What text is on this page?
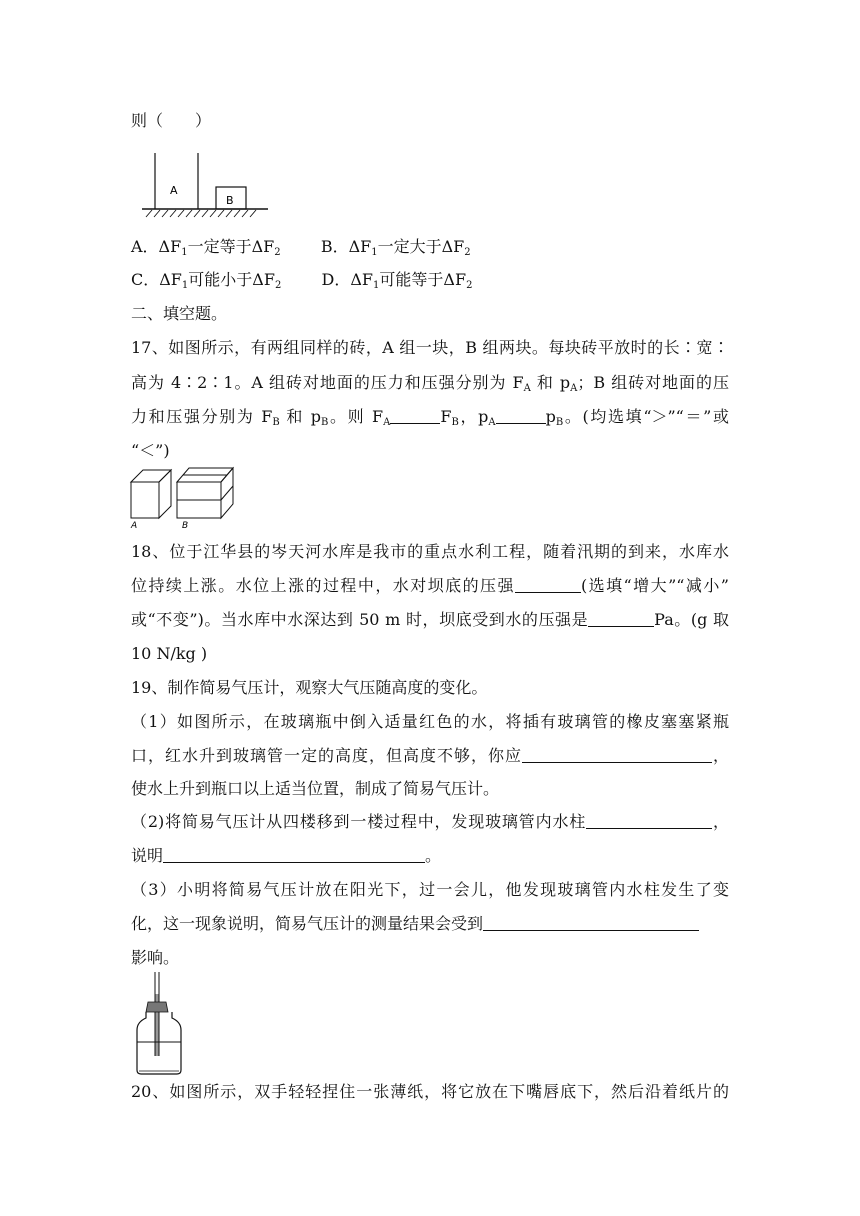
则（　　）
A
B
A．$\Delta F_1$一定等于$\Delta F_2$	B．$\Delta F_1$一定大于$\Delta F_2$
C．$\Delta F_1$可能小于$\Delta F_2$	D．$\Delta F_1$可能等于$\Delta F_2$
二、填空题。
17、如图所示，有两组同样的砖，A 组一块，B 组两块。每块砖平放时的长∶宽∶
高为 4∶2∶1。A 组砖对地面的压力和压强分别为 $F_A$ 和 $p_A$；B 组砖对地面的压
力和压强分别为 $F_B$ 和 $p_B$。则 $F_A$	$F_B$，$p_A$	$p_B$。(均选填“＞”“＝”或
“＜”)
A	B
18、位于江华县的岑天河水库是我市的重点水利工程，随着汛期的到来，水库水
位持续上涨。水位上涨的过程中，水对坝底的压强	(选填“增大”“减小”
或“不变”)。当水库中水深达到 50 m 时，坝底受到水的压强是	Pa。(g 取
10 N/kg )
19、制作简易气压计，观察大气压随高度的变化。
（1）如图所示，在玻璃瓶中倒入适量红色的水，将插有玻璃管的橡皮塞塞紧瓶
口，红水升到玻璃管一定的高度，但高度不够，你应	，
使水上升到瓶口以上适当位置，制成了简易气压计。
（2)将简易气压计从四楼移到一楼过程中，发现玻璃管内水柱	，
说明	。
（3）小明将简易气压计放在阳光下，过一会儿，他发现玻璃管内水柱发生了变
化，这一现象说明，简易气压计的测量结果会受到
影响。
20、如图所示，双手轻轻捏住一张薄纸，将它放在下嘴唇底下，然后沿着纸片的
